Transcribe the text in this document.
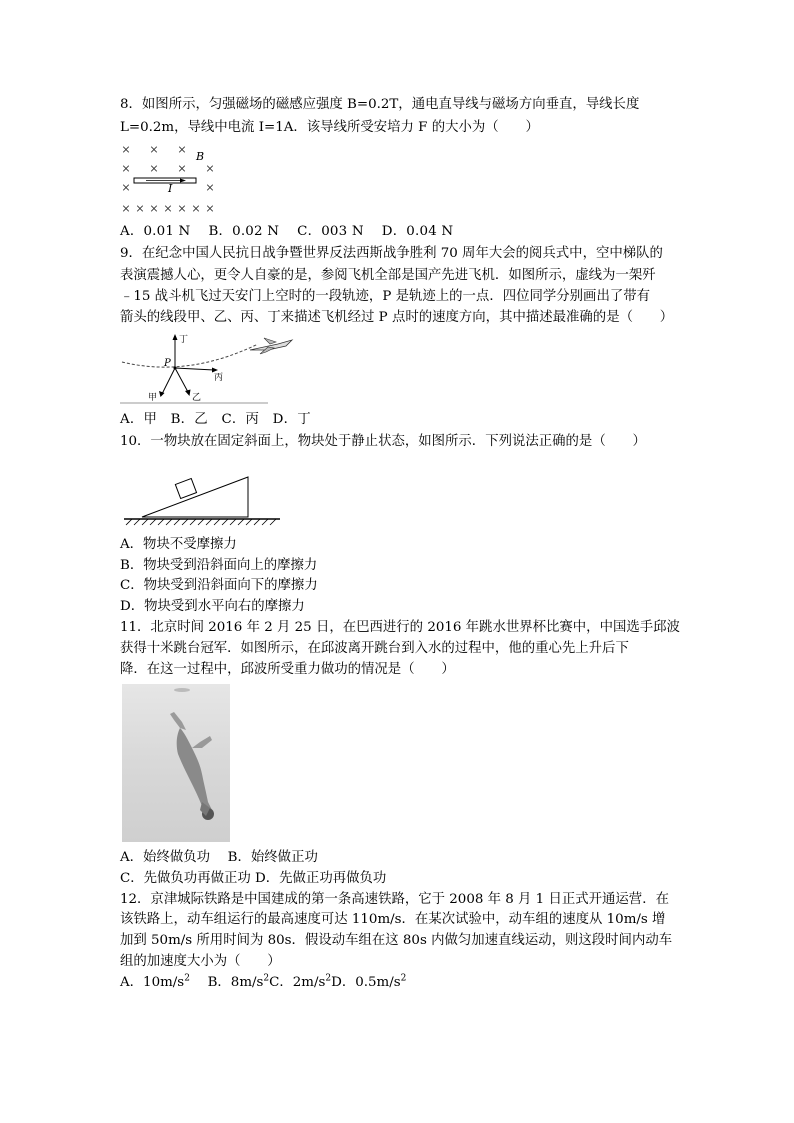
8．如图所示，匀强磁场的磁感应强度 B=0.2T，通电直导线与磁场方向垂直，导线长度
L=0.2m，导线中电流 I=1A．该导线所受安培力 F 的大小为（　　）
× × ×
× × × ×
×	×
× × × × × × ×
B
I
A．0.01 N　 B．0.02 N　 C．003 N　 D．0.04 N
9．在纪念中国人民抗日战争暨世界反法西斯战争胜利 70 周年大会的阅兵式中，空中梯队的
表演震撼人心，更令人自豪的是，参阅飞机全部是国产先进飞机．如图所示，虚线为一架歼
﹣15 战斗机飞过天安门上空时的一段轨迹，P 是轨迹上的一点．四位同学分别画出了带有
箭头的线段甲、乙、丙、丁来描述飞机经过 P 点时的速度方向，其中描述最准确的是（　　）
P
丁
甲	乙
丙
A．甲　B．乙　C．丙　D．丁
10．一物块放在固定斜面上，物块处于静止状态，如图所示．下列说法正确的是（　　）
A．物块不受摩擦力
B．物块受到沿斜面向上的摩擦力
C．物块受到沿斜面向下的摩擦力
D．物块受到水平向右的摩擦力
11．北京时间 2016 年 2 月 25 日，在巴西进行的 2016 年跳水世界杯比赛中，中国选手邱波
获得十米跳台冠军．如图所示，在邱波离开跳台到入水的过程中，他的重心先上升后下
降．在这一过程中，邱波所受重力做功的情况是（　　）
A．始终做负功　 B．始终做正功
C．先做负功再做正功 D．先做正功再做负功
12．京津城际铁路是中国建成的第一条高速铁路，它于 2008 年 8 月 1 日正式开通运营．在
该铁路上，动车组运行的最高速度可达 110m/s．在某次试验中，动车组的速度从 10m/s 增
加到 50m/s 所用时间为 80s．假设动车组在这 80s 内做匀加速直线运动，则这段时间内动车
组的加速度大小为（　　）
A．$10m/s^2$　 B．$8m/s^2C$．$2m/s^2D$．$0.5m/s^2$
